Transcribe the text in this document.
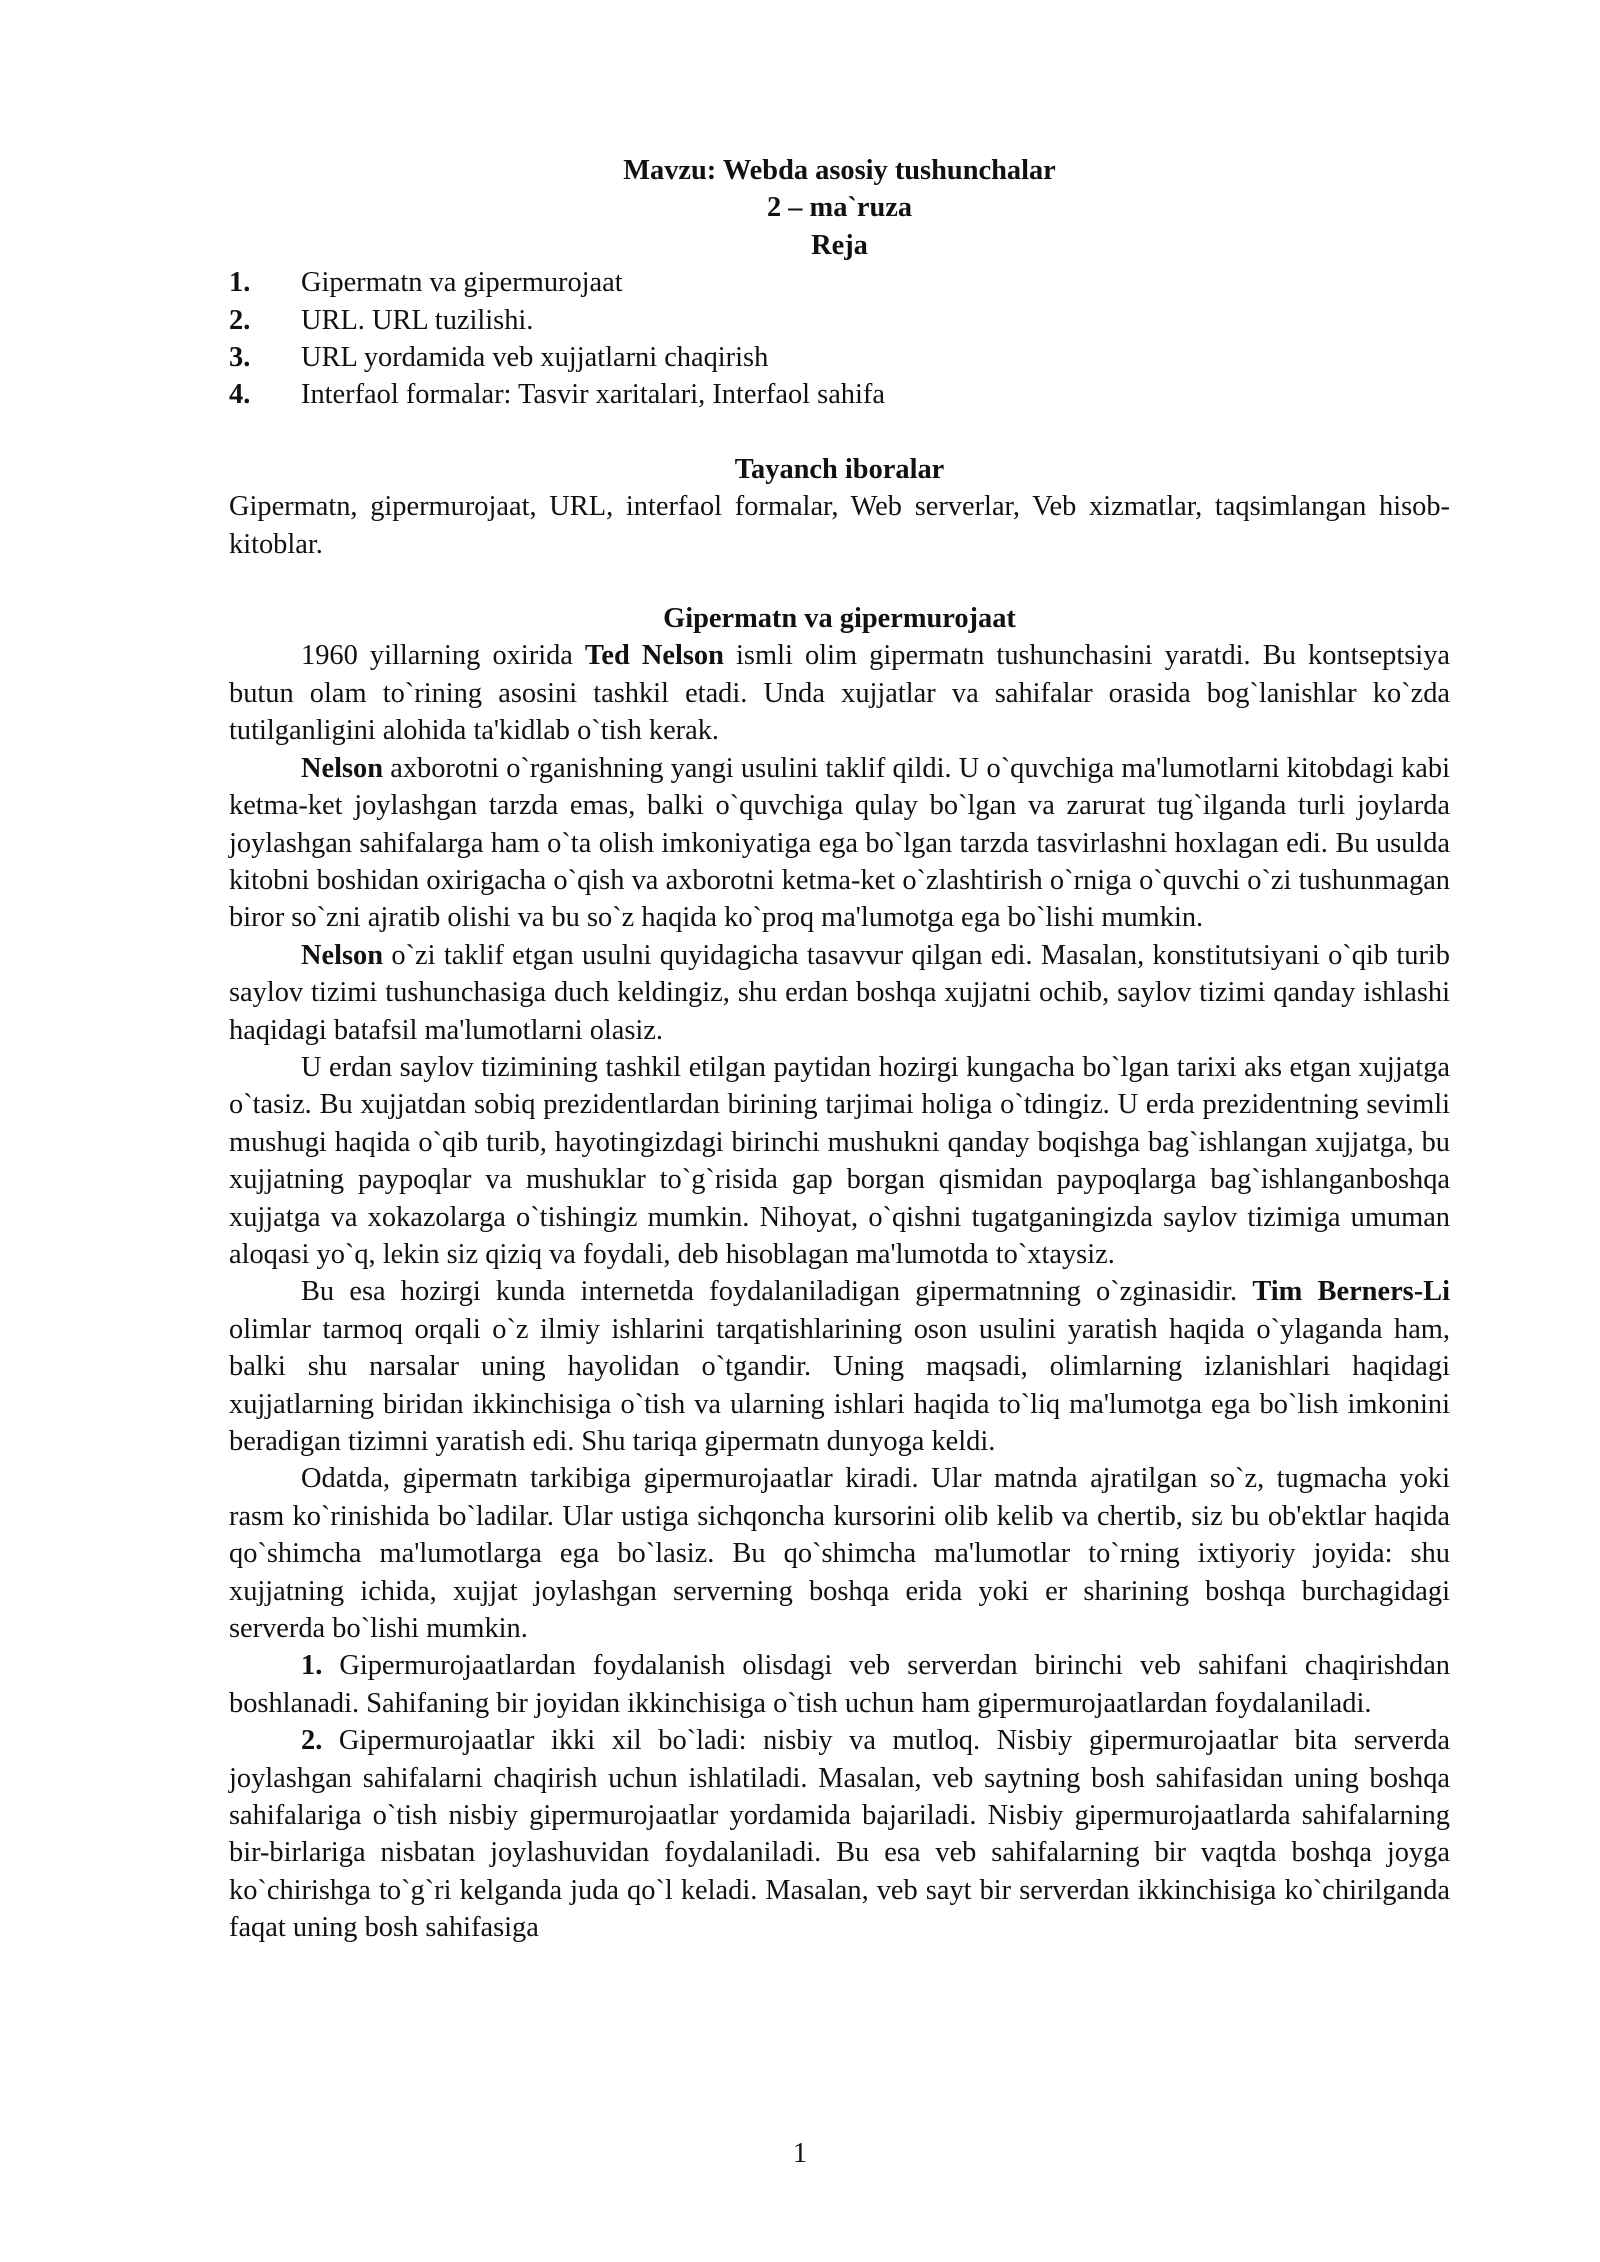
Mavzu: Webda asosiy tushunchalar
2 – ma`ruza
Reja
1.	Gipermatn va gipermurojaat
2.	URL. URL tuzilishi.
3.	URL yordamida veb xujjatlarni chaqirish
4.	Interfaol formalar: Tasvir xaritalari, Interfaol sahifa
Tayanch iboralar

Gipermatn, gipermurojaat, URL, interfaol formalar, Web serverlar, Veb xizmatlar, taqsimlangan hisob-kitoblar.

Gipermatn va gipermurojaat

1960 yillarning oxirida Ted Nelson ismli olim gipermatn tushunchasini yaratdi. Bu kontseptsiya butun olam to`rining asosini tashkil etadi. Unda xujjatlar va sahifalar orasida bog`lanishlar ko`zda tutilganligini alohida ta'kidlab o`tish kerak.

Nelson axborotni o`rganishning yangi usulini taklif qildi. U o`quvchiga ma'lumotlarni kitobdagi kabi ketma-ket joylashgan tarzda emas, balki o`quvchiga qulay bo`lgan va zarurat tug`ilganda turli joylarda joylashgan sahifalarga ham o`ta olish imkoniyatiga ega bo`lgan tarzda tasvirlashni hoxlagan edi. Bu usulda kitobni boshidan oxirigacha o`qish va axborotni ketma-ket o`zlashtirish o`rniga o`quvchi o`zi tushunmagan biror so`zni ajratib olishi va bu so`z haqida ko`proq ma'lumotga ega bo`lishi mumkin.

Nelson o`zi taklif etgan usulni quyidagicha tasavvur qilgan edi. Masalan, konstitutsiyani o`qib turib saylov tizimi tushunchasiga duch keldingiz, shu erdan boshqa xujjatni ochib, saylov tizimi qanday ishlashi haqidagi batafsil ma'lumotlarni olasiz.

U erdan saylov tizimining tashkil etilgan paytidan hozirgi kungacha bo`lgan tarixi aks etgan xujjatga o`tasiz. Bu xujjatdan sobiq prezidentlardan birining tarjimai holiga o`tdingiz. U erda prezidentning sevimli mushugi haqida o`qib turib, hayotingizdagi birinchi mushukni qanday boqishga bag`ishlangan xujjatga, bu xujjatning paypoqlar va mushuklar to`g`risida gap borgan qismidan paypoqlarga bag`ishlanganboshqa xujjatga va xokazolarga o`tishingiz mumkin. Nihoyat, o`qishni tugatganingizda saylov tizimiga umuman aloqasi yo`q, lekin siz qiziq va foydali, deb hisoblagan ma'lumotda to`xtaysiz.

Bu esa hozirgi kunda internetda foydalaniladigan gipermatnning o`zginasidir. Tim Berners-Li olimlar tarmoq orqali o`z ilmiy ishlarini tarqatishlarining oson usulini yaratish haqida o`ylaganda ham, balki shu narsalar uning hayolidan o`tgandir. Uning maqsadi, olimlarning izlanishlari haqidagi xujjatlarning biridan ikkinchisiga o`tish va ularning ishlari haqida to`liq ma'lumotga ega bo`lish imkonini beradigan tizimni yaratish edi. Shu tariqa gipermatn dunyoga keldi.

Odatda, gipermatn tarkibiga gipermurojaatlar kiradi. Ular matnda ajratilgan so`z, tugmacha yoki rasm ko`rinishida bo`ladilar. Ular ustiga sichqoncha kursorini olib kelib va chertib, siz bu ob'ektlar haqida qo`shimcha ma'lumotlarga ega bo`lasiz. Bu qo`shimcha ma'lumotlar to`rning ixtiyoriy joyida: shu xujjatning ichida, xujjat joylashgan serverning boshqa erida yoki er sharining boshqa burchagidagi serverda bo`lishi mumkin.

1. Gipermurojaatlardan foydalanish olisdagi veb serverdan birinchi veb sahifani chaqirishdan boshlanadi. Sahifaning bir joyidan ikkinchisiga o`tish uchun ham gipermurojaatlardan foydalaniladi.

2. Gipermurojaatlar ikki xil bo`ladi: nisbiy va mutloq. Nisbiy gipermurojaatlar bita serverda joylashgan sahifalarni chaqirish uchun ishlatiladi. Masalan, veb saytning bosh sahifasidan uning boshqa sahifalariga o`tish nisbiy gipermurojaatlar yordamida bajariladi. Nisbiy gipermurojaatlarda sahifalarning bir-birlariga nisbatan joylashuvidan foydalaniladi. Bu esa veb sahifalarning bir vaqtda boshqa joyga ko`chirishga to`g`ri kelganda juda qo`l keladi. Masalan, veb sayt bir serverdan ikkinchisiga ko`chirilganda faqat uning bosh sahifasiga

1
